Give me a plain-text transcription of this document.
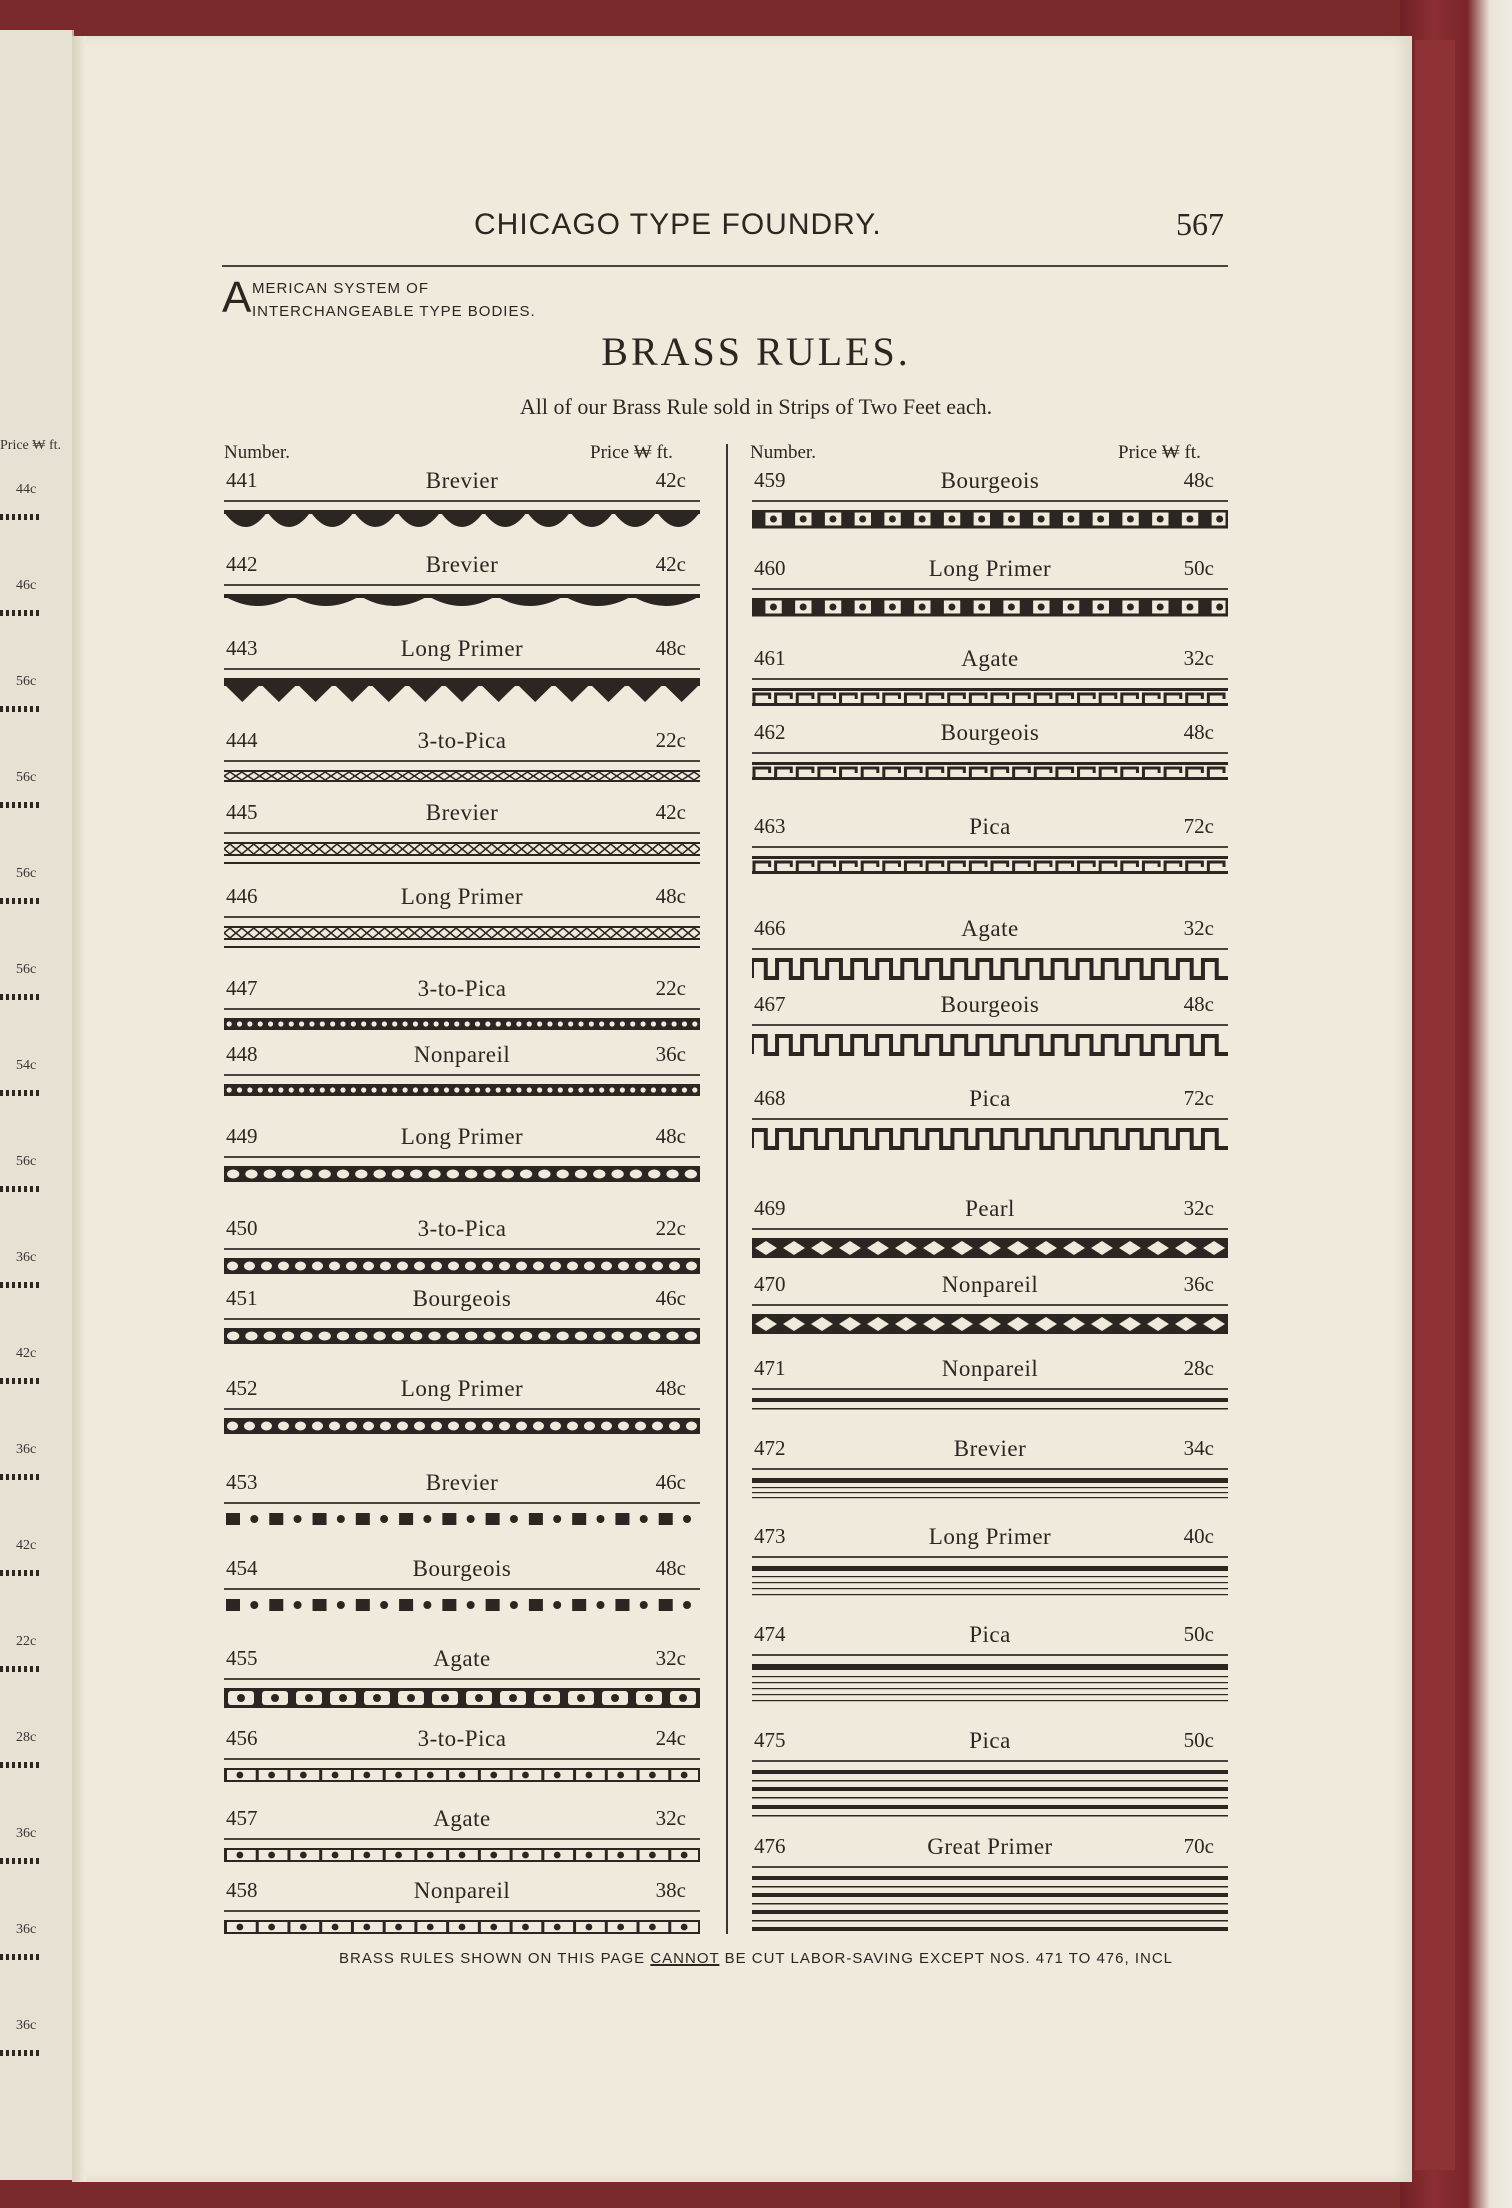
Price ₩ ft.
44c
46c
56c
56c
56c
56c
54c
56c
36c
42c
36c
42c
22c
28c
36c
36c
36c
CHICAGO TYPE FOUNDRY.	567
A MERICAN SYSTEM OF
INTERCHANGEABLE TYPE BODIES.
BRASS RULES.
All of our Brass Rule sold in Strips of Two Feet each.
Number.	Price ₩ ft.	Number.	Price ₩ ft.
441	Brevier	42c
442	Brevier	42c
443	Long Primer	48c
444	3-to-Pica	22c
445	Brevier	42c
446	Long Primer	48c
447	3-to-Pica	22c
448	Nonpareil	36c
449	Long Primer	48c
450	3-to-Pica	22c
451	Bourgeois	46c
452	Long Primer	48c
453	Brevier	46c
454	Bourgeois	48c
455	Agate	32c
456	3-to-Pica	24c
457	Agate	32c
458	Nonpareil	38c
459	Bourgeois	48c
460	Long Primer	50c
461	Agate	32c
462	Bourgeois	48c
463	Pica	72c
466	Agate	32c
467	Bourgeois	48c
468	Pica	72c
469	Pearl	32c
470	Nonpareil	36c
471	Nonpareil	28c
472	Brevier	34c
473	Long Primer	40c
474	Pica	50c
475	Pica	50c
476	Great Primer	70c
BRASS RULES SHOWN ON THIS PAGE CANNOT BE CUT LABOR-SAVING EXCEPT NOS. 471 TO 476, INCL
